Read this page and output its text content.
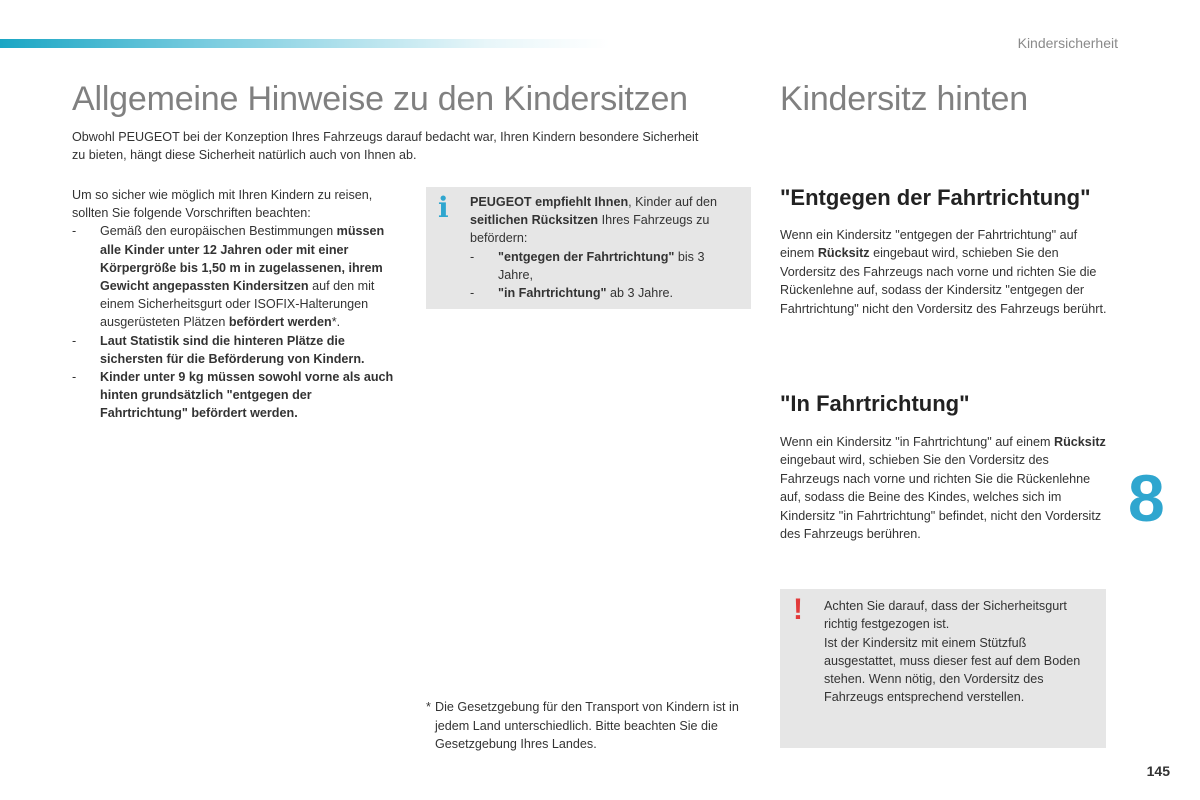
Kindersicherheit
Allgemeine Hinweise zu den Kindersitzen	Kindersitz hinten
Obwohl PEUGEOT bei der Konzeption Ihres Fahrzeugs darauf bedacht war, Ihren Kindern besondere Sicherheit
zu bieten, hängt diese Sicherheit natürlich auch von Ihnen ab.
Um so sicher wie möglich mit Ihren Kindern zu reisen, sollten Sie folgende Vorschriften beachten:
- Gemäß den europäischen Bestimmungen müssen alle Kinder unter 12 Jahren oder mit einer Körpergröße bis 1,50 m in zugelassenen, ihrem Gewicht angepassten Kindersitzen auf den mit einem Sicherheitsgurt oder ISOFIX-Halterungen ausgerüsteten Plätzen befördert werden*.
- Laut Statistik sind die hinteren Plätze die sichersten für die Beförderung von Kindern.
- Kinder unter 9 kg müssen sowohl vorne als auch hinten grundsätzlich "entgegen der Fahrtrichtung" befördert werden.
i PEUGEOT empfiehlt Ihnen, Kinder auf den seitlichen Rücksitzen Ihres Fahrzeugs zu befördern:
- "entgegen der Fahrtrichtung" bis 3 Jahre,
- "in Fahrtrichtung" ab 3 Jahre.
* Die Gesetzgebung für den Transport von Kindern ist in jedem Land unterschiedlich. Bitte beachten Sie die Gesetzgebung Ihres Landes.
"Entgegen der Fahrtrichtung"
Wenn ein Kindersitz "entgegen der Fahrtrichtung" auf einem Rücksitz eingebaut wird, schieben Sie den Vordersitz des Fahrzeugs nach vorne und richten Sie die Rückenlehne auf, sodass der Kindersitz "entgegen der Fahrtrichtung" nicht den Vordersitz des Fahrzeugs berührt.
"In Fahrtrichtung"
Wenn ein Kindersitz "in Fahrtrichtung" auf einem Rücksitz eingebaut wird, schieben Sie den Vordersitz des Fahrzeugs nach vorne und richten Sie die Rückenlehne auf, sodass die Beine des Kindes, welches sich im Kindersitz "in Fahrtrichtung" befindet, nicht den Vordersitz des Fahrzeugs berühren.
! Achten Sie darauf, dass der Sicherheitsgurt richtig festgezogen ist.
Ist der Kindersitz mit einem Stützfuß ausgestattet, muss dieser fest auf dem Boden stehen. Wenn nötig, den Vordersitz des Fahrzeugs entsprechend verstellen.
8
145
